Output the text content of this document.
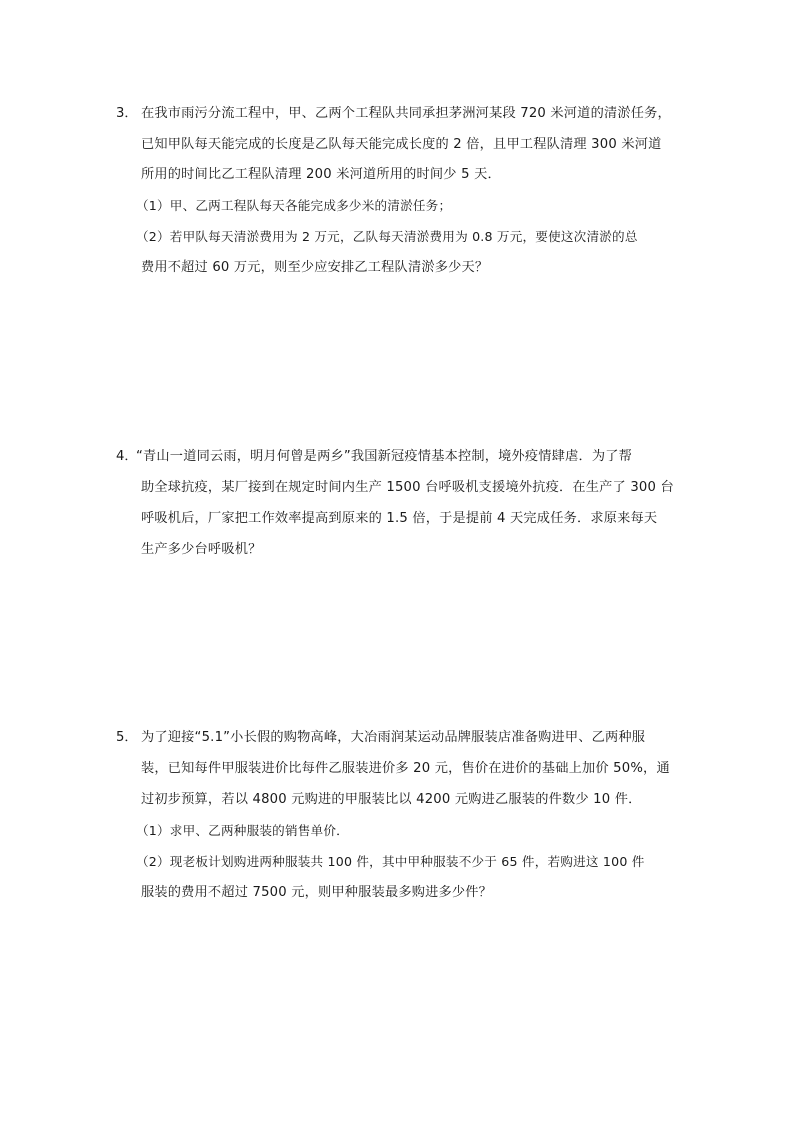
3． 在我市雨污分流工程中，甲、乙两个工程队共同承担茅洲河某段 720 米河道的清淤任务，
已知甲队每天能完成的长度是乙队每天能完成长度的 2 倍，且甲工程队清理 300 米河道
所用的时间比乙工程队清理 200 米河道所用的时间少 5 天．
（1）甲、乙两工程队每天各能完成多少米的清淤任务；
（2）若甲队每天清淤费用为 2 万元，乙队每天清淤费用为 0.8 万元，要使这次清淤的总
费用不超过 60 万元，则至少应安排乙工程队清淤多少天？
4．
“青山一道同云雨，明月何曾是两乡”我国新冠疫情基本控制，境外疫情肆虐．为了帮
助全球抗疫，某厂接到在规定时间内生产 1500 台呼吸机支援境外抗疫．在生产了 300 台
呼吸机后，厂家把工作效率提高到原来的 1.5 倍，于是提前 4 天完成任务．求原来每天
生产多少台呼吸机？
5． 为了迎接“5.1”小长假的购物高峰，大冶雨润某运动品牌服装店准备购进甲、乙两种服
装，已知每件甲服装进价比每件乙服装进价多 20 元，售价在进价的基础上加价 50%，通
过初步预算，若以 4800 元购进的甲服装比以 4200 元购进乙服装的件数少 10 件．
（1）求甲、乙两种服装的销售单价．
（2）现老板计划购进两种服装共 100 件，其中甲种服装不少于 65 件，若购进这 100 件
服装的费用不超过 7500 元，则甲种服装最多购进多少件？
